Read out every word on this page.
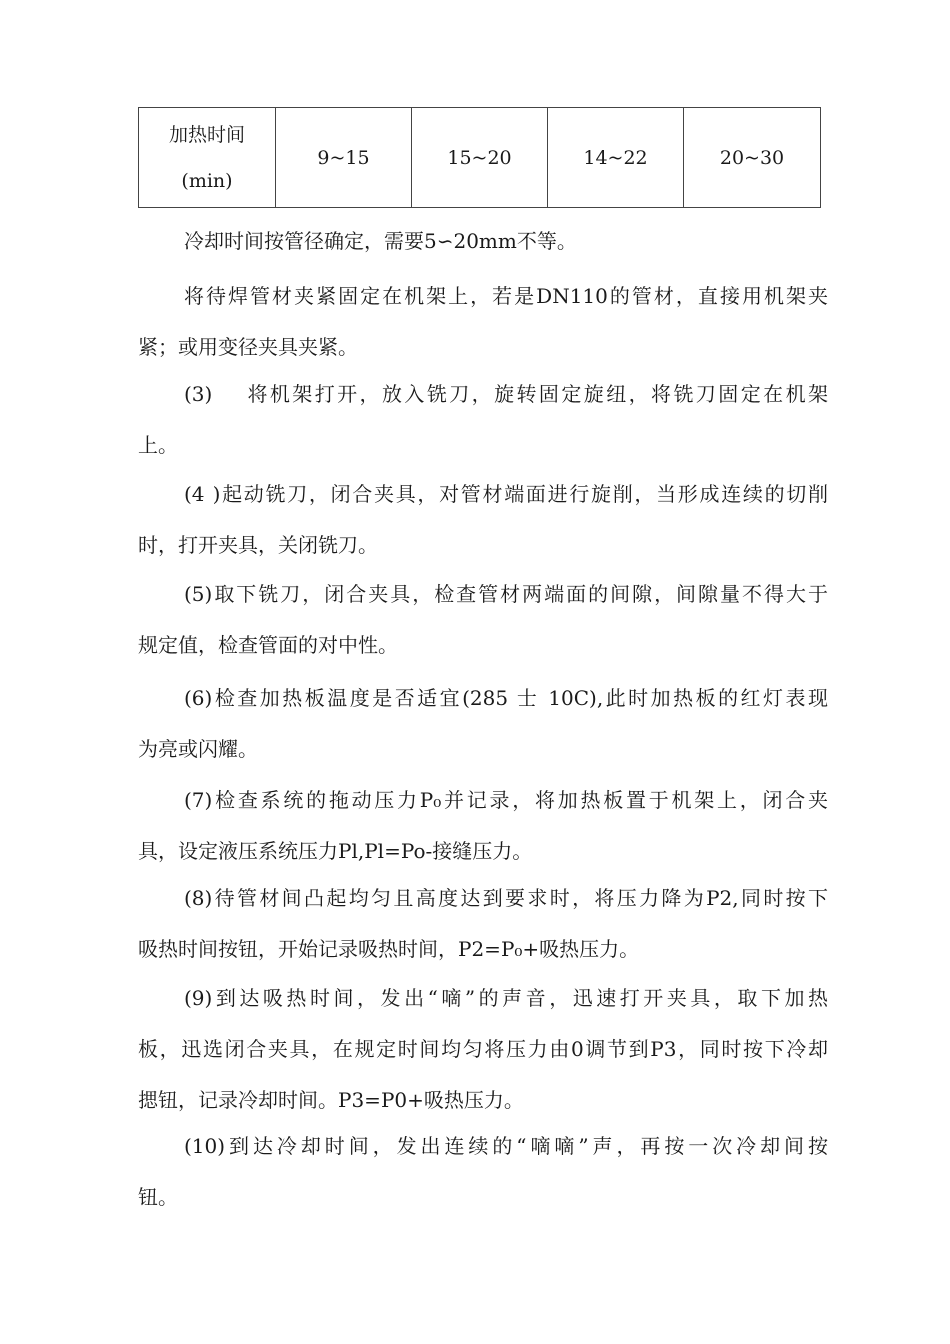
加热时间
(min)
	9~15	15~20	14~22	20~30
冷却时间按管径确定，需要5∽20mm不等。
将待焊管材夹紧固定在机架上，若是DN110的管材，直接用机架夹
紧；或用变径夹具夹紧。
(3)    将机架打开，放入铣刀，旋转固定旋纽，将铣刀固定在机架
上。
(4 )起动铣刀，闭合夹具，对管材端面进行旋削，当形成连续的切削
时，打开夹具，关闭铣刀。
(5)取下铣刀，闭合夹具，检查管材两端面的间隙，间隙量不得大于
规定值，检查管面的对中性。
(6)检查加热板温度是否适宜(285 士 10C),此时加热板的红灯表现
为亮或闪耀。
(7)检查系统的拖动压力P₀并记录，将加热板置于机架上，闭合夹
具，设定液压系统压力Pl,Pl=Po-接缝压力。
(8)待管材间凸起均匀且高度达到要求时，将压力降为P2,同时按下
吸热时间按钮，开始记录吸热时间，P2=P₀+吸热压力。
(9)到达吸热时间，发出“嘀”的声音，迅速打开夹具，取下加热
板，迅选闭合夹具，在规定时间均匀将压力由0调节到P3，同时按下冷却
揌钮，记录冷却时间。P3=P0+吸热压力。
(10)到达冷却时间，发出连续的“嘀嘀”声，再按一次冷却间按
钮。
